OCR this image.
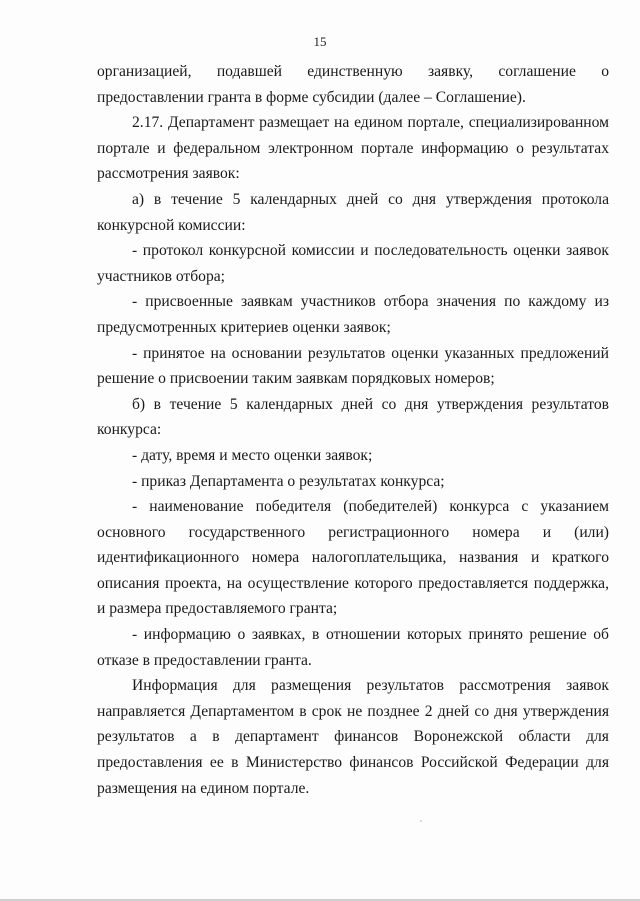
15

организацией, подавшей единственную заявку, соглашение о предоставлении гранта в форме субсидии (далее – Соглашение).

2.17. Департамент размещает на едином портале, специализированном портале и федеральном электронном портале информацию о результатах рассмотрения заявок:

а) в течение 5 календарных дней со дня утверждения протокола конкурсной комиссии:

- протокол конкурсной комиссии и последовательность оценки заявок участников отбора;

- присвоенные заявкам участников отбора значения по каждому из предусмотренных критериев оценки заявок;

- принятое на основании результатов оценки указанных предложений решение о присвоении таким заявкам порядковых номеров;

б) в течение 5 календарных дней со дня утверждения результатов конкурса:

- дату, время и место оценки заявок;

- приказ Департамента о результатах конкурса;

- наименование победителя (победителей) конкурса с указанием основного государственного регистрационного номера и (или) идентификационного номера налогоплательщика, названия и краткого описания проекта, на осуществление которого предоставляется поддержка, и размера предоставляемого гранта;

- информацию о заявках, в отношении которых принято решение об отказе в предоставлении гранта.

Информация для размещения результатов рассмотрения заявок направляется Департаментом в срок не позднее 2 дней со дня утверждения результатов а в департамент финансов Воронежской области для предоставления ее в Министерство финансов Российской Федерации для размещения на едином портале.
